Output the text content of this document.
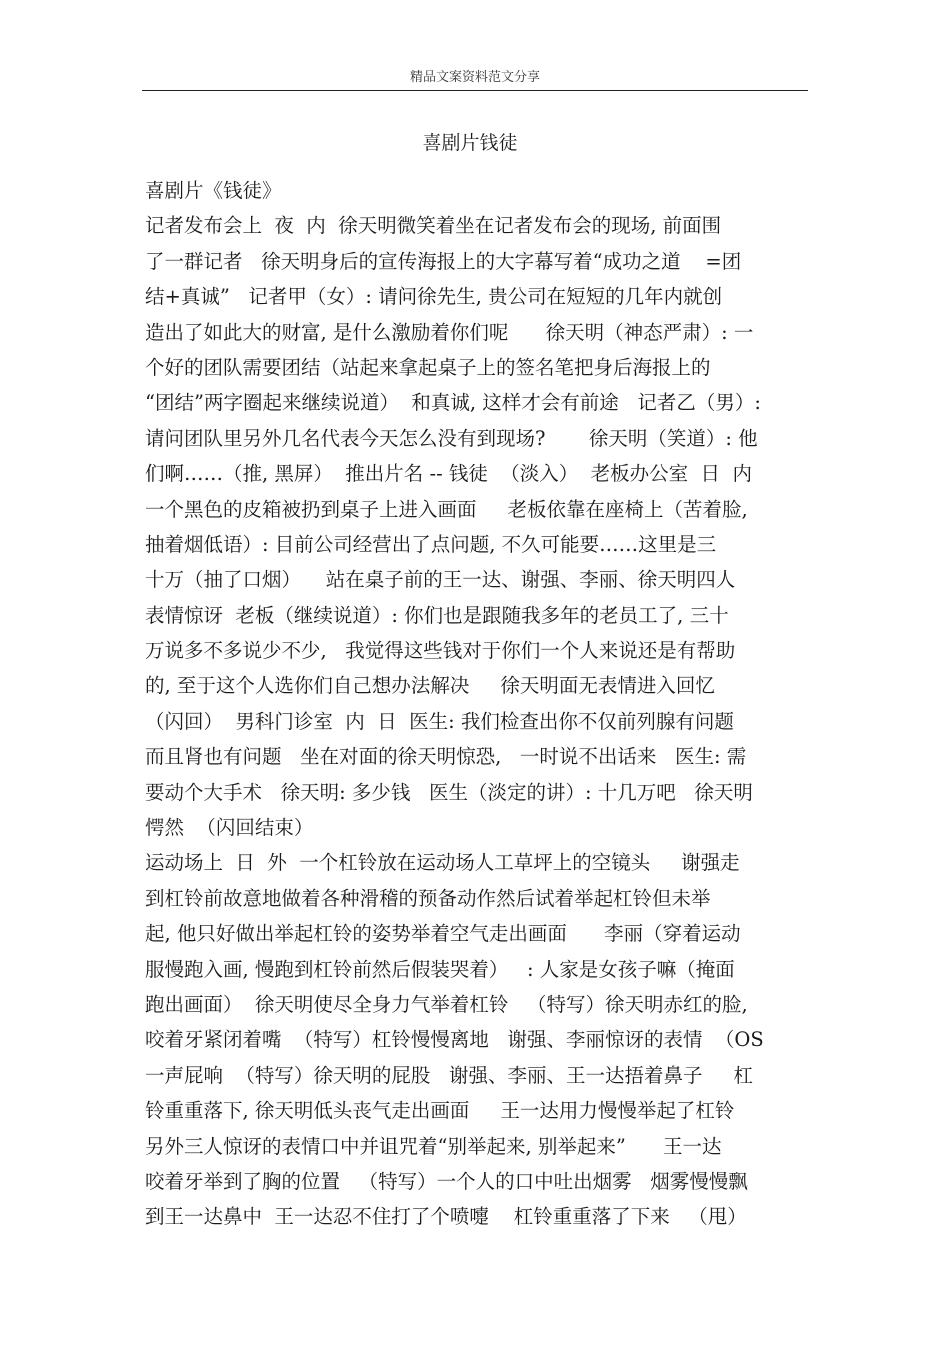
精品文案资料范文分享
喜剧片钱徒
喜剧片《钱徒》
记者发布会上  夜  内  徐天明微笑着坐在记者发布会的现场, 前面围
了一群记者   徐天明身后的宣传海报上的大字幕写着“成功之道    =团
结+真诚”   记者甲（女）: 请问徐先生, 贵公司在短短的几年内就创
造出了如此大的财富, 是什么激励着你们呢      徐天明（神态严肃）: 一
个好的团队需要团结（站起来拿起桌子上的签名笔把身后海报上的
“团结”两字圈起来继续说道）  和真诚, 这样才会有前途   记者乙（男）:
请问团队里另外几名代表今天怎么没有到现场?       徐天明（笑道）: 他
们啊……（推, 黑屏）  推出片名 -- 钱徒  （淡入）  老板办公室  日  内
一个黑色的皮箱被扔到桌子上进入画面     老板依靠在座椅上（苦着脸,
抽着烟低语）: 目前公司经营出了点问题, 不久可能要……这里是三
十万（抽了口烟）    站在桌子前的王一达、谢强、李丽、徐天明四人
表情惊讶  老板（继续说道）: 你们也是跟随我多年的老员工了, 三十
万说多不多说少不少,   我觉得这些钱对于你们一个人来说还是有帮助
的, 至于这个人选你们自己想办法解决     徐天明面无表情进入回忆
（闪回）  男科门诊室  内  日  医生: 我们检查出你不仅前列腺有问题
而且肾也有问题   坐在对面的徐天明惊恐,   一时说不出话来   医生: 需
要动个大手术   徐天明: 多少钱   医生（淡定的讲）: 十几万吧   徐天明
愕然  （闪回结束）
运动场上  日  外  一个杠铃放在运动场人工草坪上的空镜头     谢强走
到杠铃前故意地做着各种滑稽的预备动作然后试着举起杠铃但未举
起, 他只好做出举起杠铃的姿势举着空气走出画面      李丽（穿着运动
服慢跑入画, 慢跑到杠铃前然后假装哭着）   : 人家是女孩子嘛（掩面
跑出画面）  徐天明使尽全身力气举着杠铃   （特写）徐天明赤红的脸,
咬着牙紧闭着嘴  （特写）杠铃慢慢离地   谢强、李丽惊讶的表情  （OS
一声屁响  （特写）徐天明的屁股   谢强、李丽、王一达捂着鼻子     杠
铃重重落下, 徐天明低头丧气走出画面     王一达用力慢慢举起了杠铃
另外三人惊讶的表情口中并诅咒着“别举起来, 别举起来”      王一达
咬着牙举到了胸的位置   （特写）一个人的口中吐出烟雾   烟雾慢慢飘
到王一达鼻中  王一达忍不住打了个喷嚏    杠铃重重落了下来   （甩）
